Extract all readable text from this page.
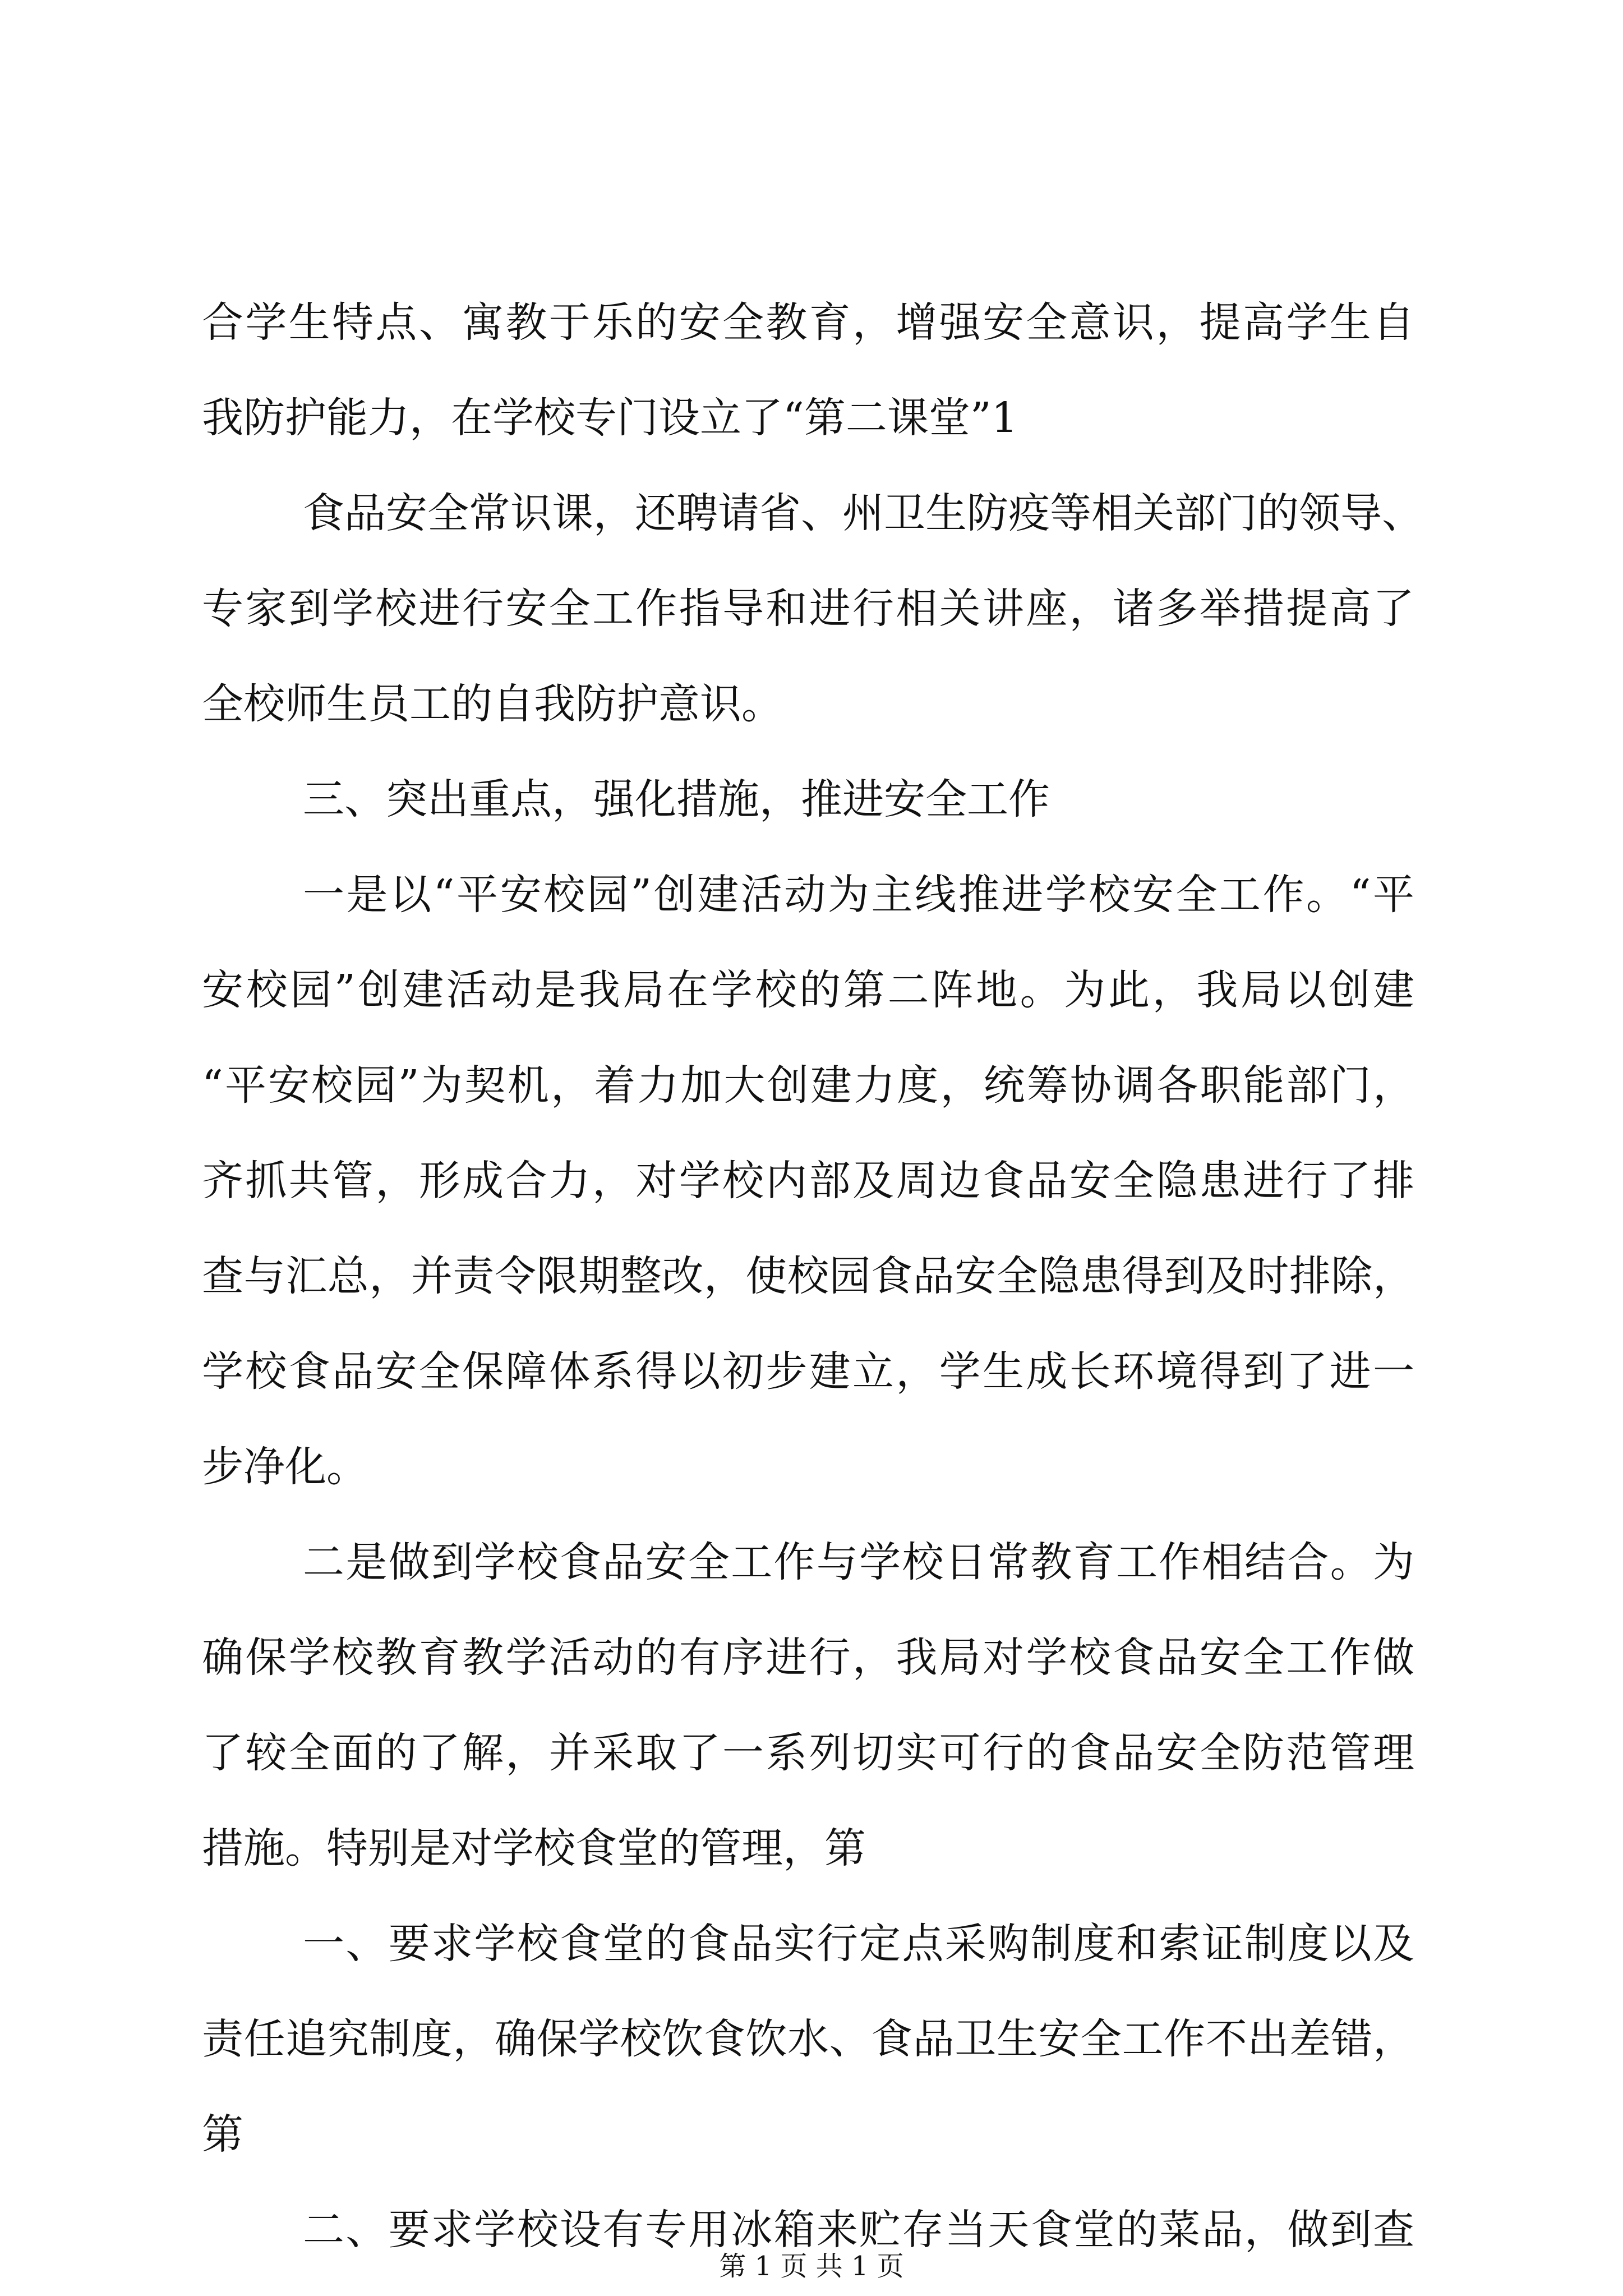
合学生特点、寓教于乐的安全教育，增强安全意识，提高学生自
我防护能力，在学校专门设立了“第二课堂”1
食品安全常识课，还聘请省、州卫生防疫等相关部门的领导、
专家到学校进行安全工作指导和进行相关讲座，诸多举措提高了
全校师生员工的自我防护意识。
三、突出重点，强化措施，推进安全工作
一是以“平安校园”创建活动为主线推进学校安全工作。“平
安校园”创建活动是我局在学校的第二阵地。为此，我局以创建
“平安校园”为契机，着力加大创建力度，统筹协调各职能部门，
齐抓共管，形成合力，对学校内部及周边食品安全隐患进行了排
查与汇总，并责令限期整改，使校园食品安全隐患得到及时排除，
学校食品安全保障体系得以初步建立，学生成长环境得到了进一
步净化。
二是做到学校食品安全工作与学校日常教育工作相结合。为
确保学校教育教学活动的有序进行，我局对学校食品安全工作做
了较全面的了解，并采取了一系列切实可行的食品安全防范管理
措施。特别是对学校食堂的管理，第
一、要求学校食堂的食品实行定点采购制度和索证制度以及
责任追究制度，确保学校饮食饮水、食品卫生安全工作不出差错，
第
二、要求学校设有专用冰箱来贮存当天食堂的菜品，做到查
第 1 页 共 1 页
